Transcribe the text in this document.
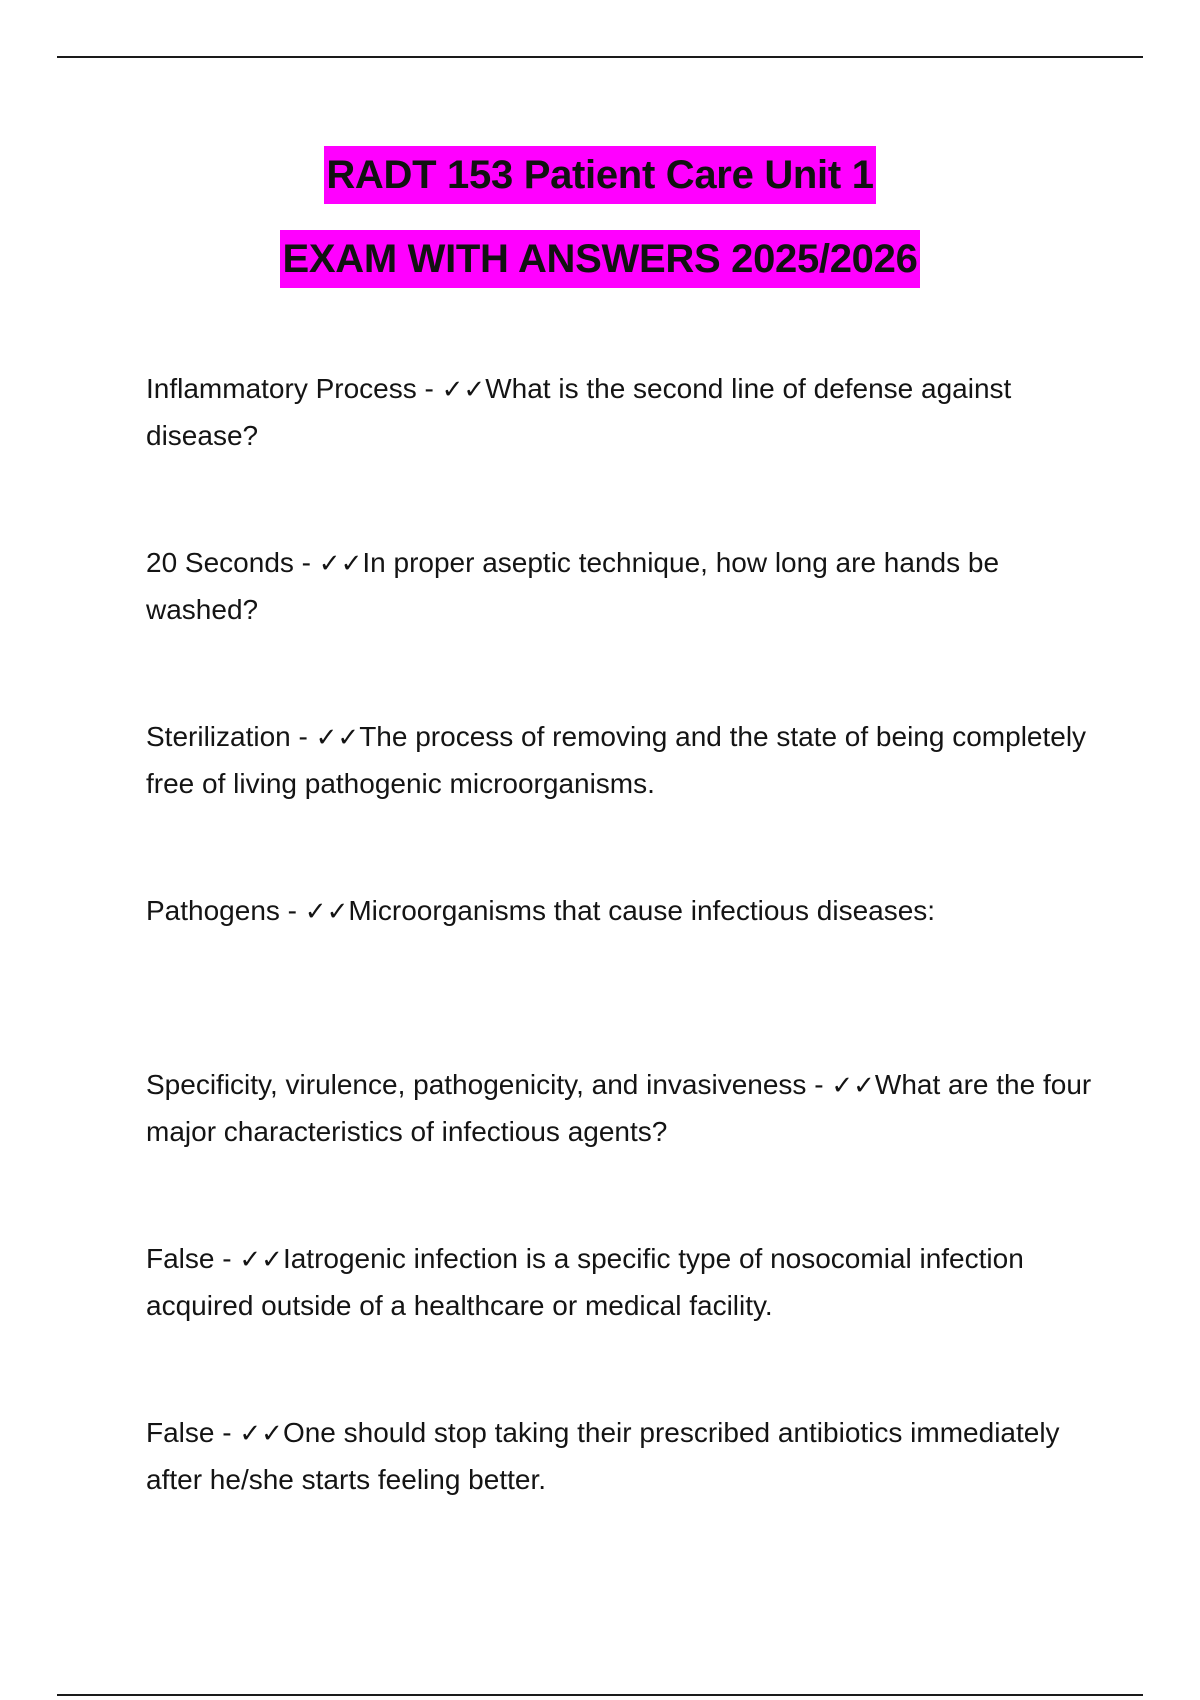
RADT 153 Patient Care Unit 1
EXAM WITH ANSWERS 2025/2026
Inflammatory Process - ✓✓What is the second line of defense against disease?
20 Seconds - ✓✓In proper aseptic technique, how long are hands be washed?
Sterilization - ✓✓The process of removing and the state of being completely free of living pathogenic microorganisms.
Pathogens - ✓✓Microorganisms that cause infectious diseases:
Specificity, virulence, pathogenicity, and invasiveness - ✓✓What are the four major characteristics of infectious agents?
False - ✓✓Iatrogenic infection is a specific type of nosocomial infection acquired outside of a healthcare or medical facility.
False - ✓✓One should stop taking their prescribed antibiotics immediately after he/she starts feeling better.
